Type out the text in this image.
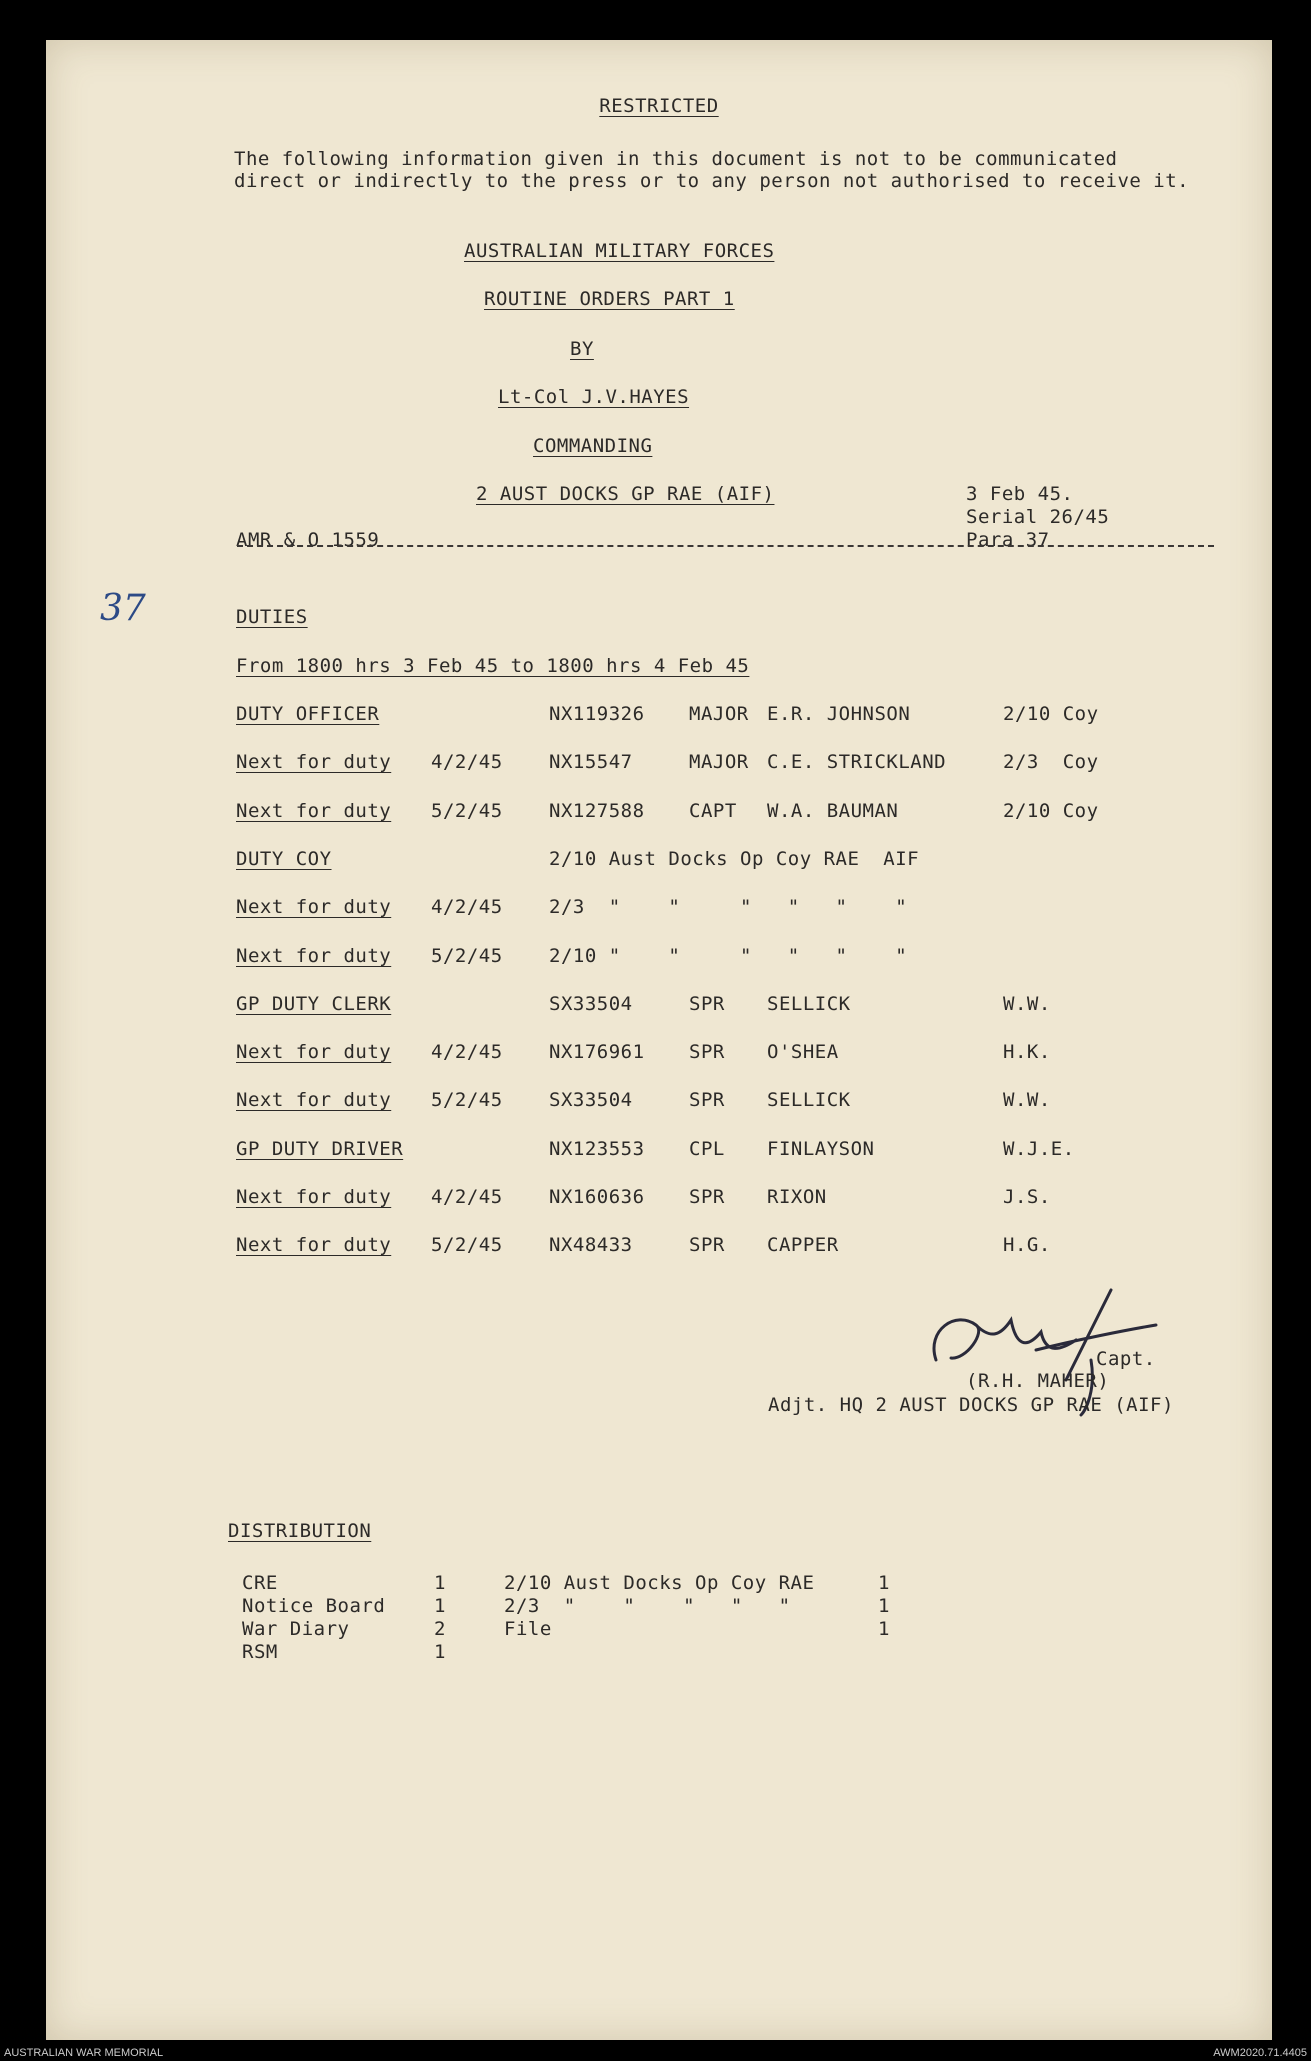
RESTRICTED
The following information given in this document is not to be communicated
direct or indirectly to the press or to any person not authorised to receive it.
AUSTRALIAN MILITARY FORCES
ROUTINE ORDERS PART 1
BY
Lt-Col J.V.HAYES
COMMANDING
2 AUST DOCKS GP RAE (AIF)	3 Feb 45.
Serial 26/45
Para 37
AMR & O 1559
37	DUTIES
From 1800 hrs 3 Feb 45 to 1800 hrs 4 Feb 45
DUTY OFFICER	NX119326 MAJOR E.R. JOHNSON	2/10 Coy
Next for duty 4/2/45 NX15547	MAJOR C.E. STRICKLAND	2/3  Coy
Next for duty 5/2/45 NX127588 CAPT W.A. BAUMAN	2/10 Coy
DUTY COY	2/10 Aust Docks Op Coy RAE  AIF
Next for duty 4/2/45 2/3  "    "     "   "   "    "
Next for duty 5/2/45 2/10 "    "     "   "   "    "
GP DUTY CLERK	SX33504	SPR SELLICK	W.W.
Next for duty 4/2/45 NX176961 SPR O'SHEA	H.K.
Next for duty 5/2/45 SX33504	SPR SELLICK	W.W.
GP DUTY DRIVER	NX123553 CPL FINLAYSON	W.J.E.
Next for duty 4/2/45 NX160636 SPR RIXON	J.S.
Next for duty 5/2/45 NX48433	SPR CAPPER	H.G.
Capt.
(R.H. MAHER)
Adjt. HQ 2 AUST DOCKS GP RAE (AIF)
DISTRIBUTION
CRE	1
Notice Board	1
War Diary	2
RSM	1
2/10 Aust Docks Op Coy RAE	1
2/3  "    "    "   "   "	1
File	1
AUSTRALIAN WAR MEMORIAL	AWM2020.71.4405
